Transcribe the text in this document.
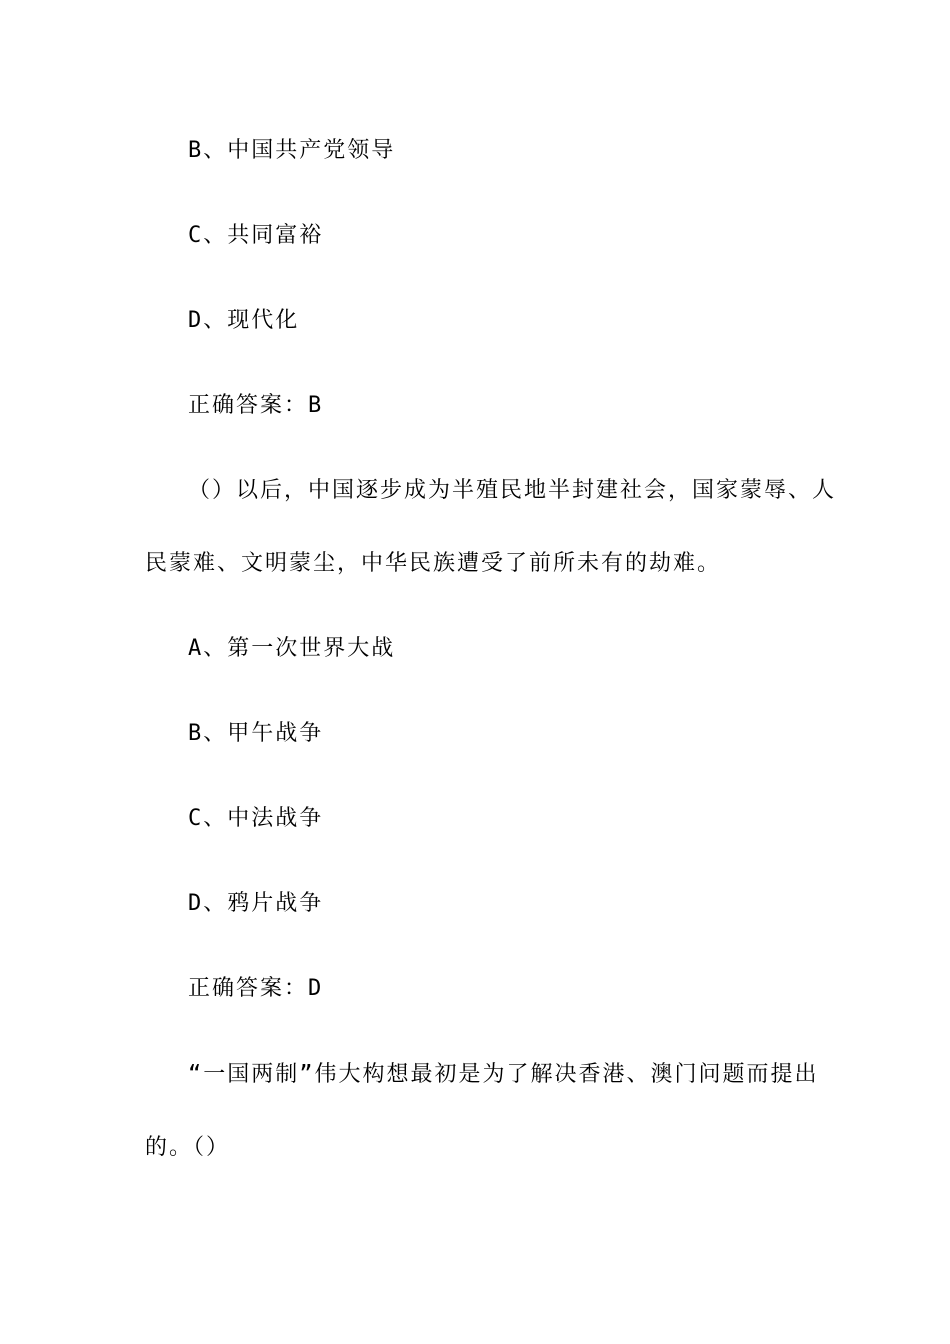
B、中国共产党领导
C、共同富裕
D、现代化
正确答案：B
（）以后，中国逐步成为半殖民地半封建社会，国家蒙辱、人
民蒙难、文明蒙尘，中华民族遭受了前所未有的劫难。
A、第一次世界大战
B、甲午战争
C、中法战争
D、鸦片战争
正确答案：D
“一国两制”伟大构想最初是为了解决香港、澳门问题而提出
的。（）
